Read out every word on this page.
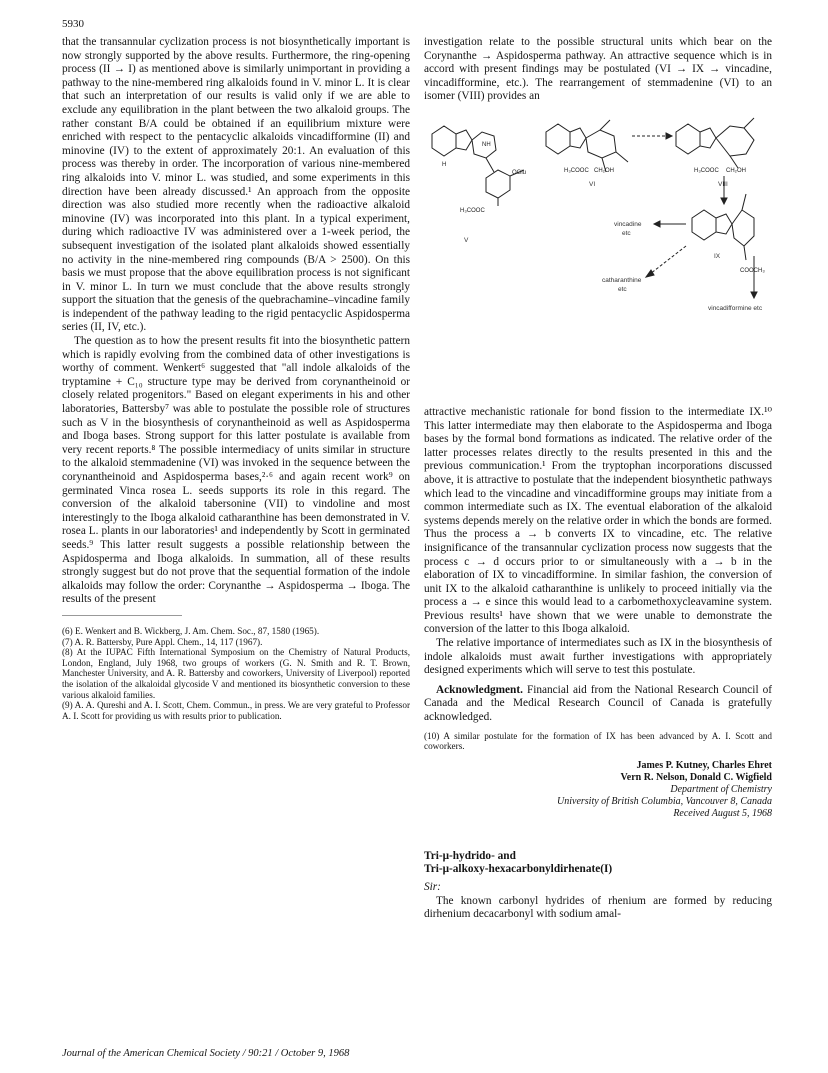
5930

that the transannular cyclization process is not biosynthetically important is now strongly supported by the above results. Furthermore, the ring-opening process (II → I) as mentioned above is similarly unimportant in providing a pathway to the nine-membered ring alkaloids found in V. minor L. It is clear that such an interpretation of our results is valid only if we are able to exclude any equilibration in the plant between the two alkaloid groups. The rather constant B/A could be obtained if an equilibrium mixture were enriched with respect to the pentacyclic alkaloids vincadifformine (II) and minovine (IV) to the extent of approximately 20:1. An evaluation of this process was thereby in order. The incorporation of various nine-membered ring alkaloids into V. minor L. was studied, and some experiments in this direction have been already discussed.¹ An approach from the opposite direction was also studied more recently when the radioactive alkaloid minovine (IV) was incorporated into this plant. In a typical experiment, during which radioactive IV was administered over a 1-week period, the subsequent investigation of the isolated plant alkaloids showed essentially no activity in the nine-membered ring compounds (B/A > 2500). On this basis we must propose that the above equilibration process is not significant in V. minor L. In turn we must conclude that the above results strongly support the situation that the genesis of the quebrachamine–vincadine family is independent of the pathway leading to the rigid pentacyclic Aspidosperma series (II, IV, etc.).

The question as to how the present results fit into the biosynthetic pattern which is rapidly evolving from the combined data of other investigations is worthy of comment. Wenkert⁶ suggested that "all indole alkaloids of the tryptamine + C₁₀ structure type may be derived from corynantheinoid or closely related progenitors." Based on elegant experiments in his and other laboratories, Battersby⁷ was able to postulate the possible role of structures such as V in the biosynthesis of corynantheinoid as well as Aspidosperma and Iboga bases. Strong support for this latter postulate is available from very recent reports.⁸ The possible intermediacy of units similar in structure to the alkaloid stemmadenine (VI) was invoked in the sequence between the corynantheinoid and Aspidosperma bases,²·⁶ and again recent work⁹ on germinated Vinca rosea L. seeds supports its role in this regard. The conversion of the alkaloid tabersonine (VII) to vindoline and most interestingly to the Iboga alkaloid catharanthine has been demonstrated in V. rosea L. plants in our laboratories¹ and independently by Scott in germinated seeds.⁹ This latter result suggests a possible relationship between the Aspidosperma and Iboga alkaloids. In summation, all of these results strongly suggest but do not prove that the sequential formation of the indole alkaloids may follow the order: Corynanthe → Aspidosperma → Iboga. The results of the present

(6) E. Wenkert and B. Wickberg, J. Am. Chem. Soc., 87, 1580 (1965).
(7) A. R. Battersby, Pure Appl. Chem., 14, 117 (1967).
(8) At the IUPAC Fifth International Symposium on the Chemistry of Natural Products, London, England, July 1968, two groups of workers (G. N. Smith and R. T. Brown, Manchester University, and A. R. Battersby and coworkers, University of Liverpool) reported the isolation of the alkaloidal glycoside V and mentioned its biosynthetic conversion to these various alkaloid families.
(9) A. A. Qureshi and A. I. Scott, Chem. Commun., in press. We are very grateful to Professor A. I. Scott for providing us with results prior to publication.

investigation relate to the possible structural units which bear on the Corynanthe → Aspidosperma pathway. An attractive sequence which is in accord with present findings may be postulated (VI → IX → vincadine, vincadifformine, etc.). The rearrangement of stemmadenine (VI) to an isomer (VIII) provides an

H
NH
OGlu
H₃COOC
H₃COOC CH₂OH	H₃COOC CH₂OH
COOCH₃
V
VI	VIII
IX
vincadine
etc
catharanthine
etc
vincadifformine etc

attractive mechanistic rationale for bond fission to the intermediate IX.¹⁰ This latter intermediate may then elaborate to the Aspidosperma and Iboga bases by the formal bond formations as indicated. The relative order of the latter processes relates directly to the results presented in this and the previous communication.¹ From the tryptophan incorporations discussed above, it is attractive to postulate that the independent biosynthetic pathways which lead to the vincadine and vincadifformine groups may initiate from a common intermediate such as IX. The eventual elaboration of the alkaloid systems depends merely on the relative order in which the bonds are formed. Thus the process a → b converts IX to vincadine, etc. The relative insignificance of the transannular cyclization process now suggests that the process c → d occurs prior to or simultaneously with a → b in the elaboration of IX to vincadifformine. In similar fashion, the conversion of unit IX to the alkaloid catharanthine is unlikely to proceed initially via the process a → e since this would lead to a carbomethoxycleavamine system. Previous results¹ have shown that we were unable to demonstrate the conversion of the latter to this Iboga alkaloid.

The relative importance of intermediates such as IX in the biosynthesis of indole alkaloids must await further investigations with appropriately designed experiments which will serve to test this postulate.

Acknowledgment. Financial aid from the National Research Council of Canada and the Medical Research Council of Canada is gratefully acknowledged.

(10) A similar postulate for the formation of IX has been advanced by A. I. Scott and coworkers.
James P. Kutney, Charles Ehret
Vern R. Nelson, Donald C. Wigfield
Department of Chemistry
University of British Columbia, Vancouver 8, Canada
Received August 5, 1968
Tri-μ-hydrido- and
Tri-μ-alkoxy-hexacarbonyldirhenate(I)
Sir:

The known carbonyl hydrides of rhenium are formed by reducing dirhenium decacarbonyl with sodium amal-

Journal of the American Chemical Society / 90:21 / October 9, 1968
